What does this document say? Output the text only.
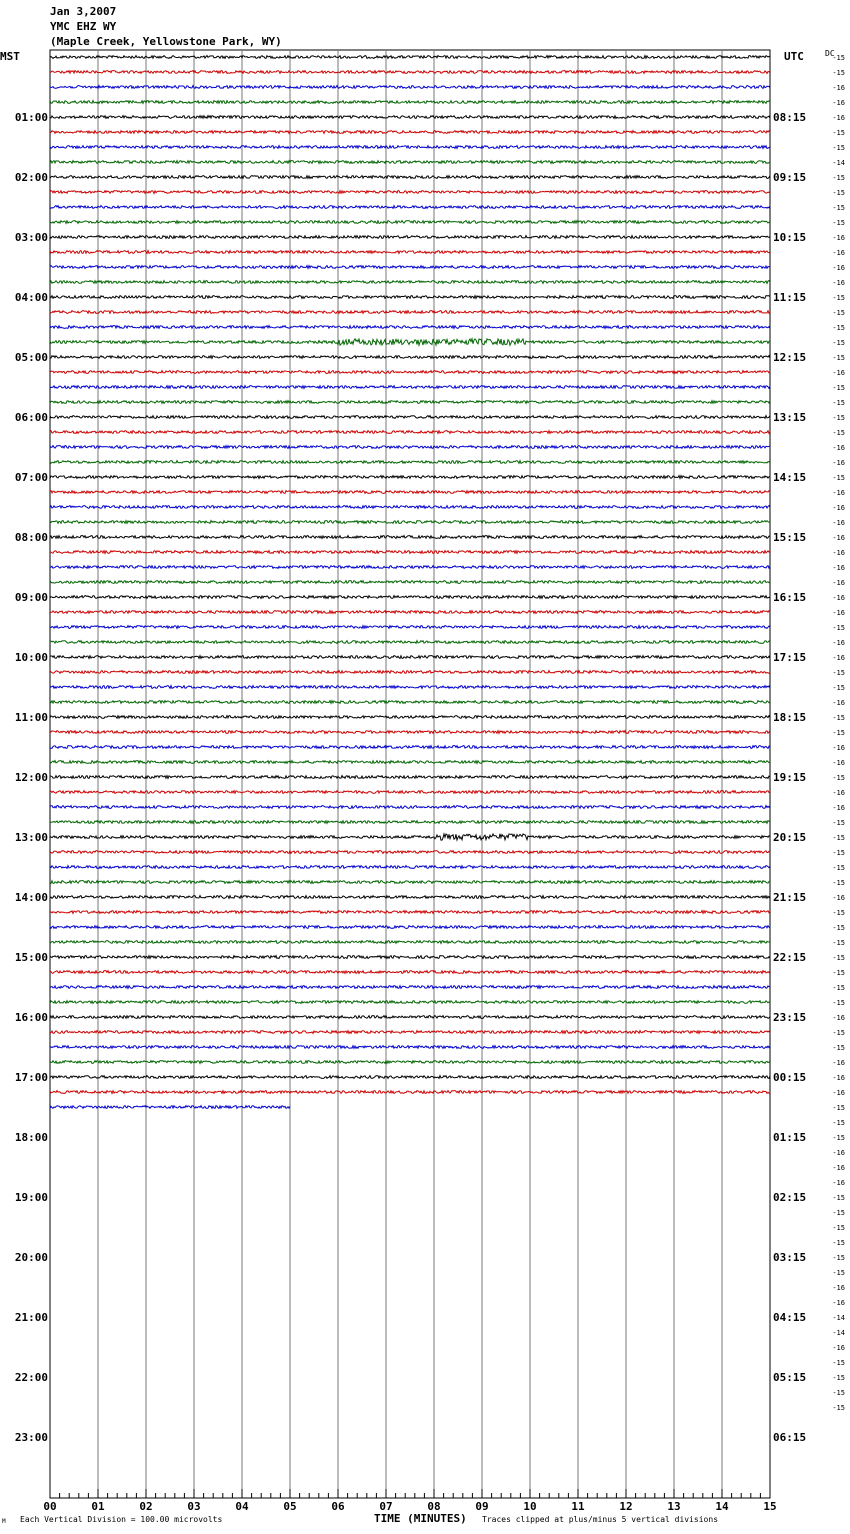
Jan 3,2007
YMC EHZ WY
(Maple Creek, Yellowstone Park, WY)
MST	UTC	DC
00	01	02	03	04	05	06	07	08	09	10	11	12	13	14	15
01:00
02:00
03:00
04:00
05:00
06:00
07:00
08:00
09:00
10:00
11:00
12:00
13:00
14:00
15:00
16:00
17:00
18:00
19:00
20:00
21:00
22:00
23:00
08:15
09:15
10:15
11:15
12:15
13:15
14:15
15:15
16:15
17:15
18:15
19:15
20:15
21:15
22:15
23:15
00:15
01:15
02:15
03:15
04:15
05:15
06:15
-15
-15
-16
-16
-16
-15
-15
-14
-15
-15
-15
-15
-16
-16
-16
-16
-15
-15
-15
-15
-15
-16
-15
-15
-15
-15
-16
-16
-15
-16
-16
-16
-16
-16
-16
-16
-16
-16
-15
-16
-16
-15
-15
-16
-15
-15
-16
-16
-15
-16
-16
-15
-15
-15
-15
-15
-16
-15
-15
-15
-15
-15
-15
-15
-16
-15
-15
-16
-16
-16
-15
-15
-15
-16
-16
-16
-15
-15
-15
-15
-15
-15
-16
-16
-14
-14
-16
-15
-15
-15
-15
M Each Vertical Division = 100.00 microvolts	TIME (MINUTES) Traces clipped at plus/minus 5 vertical divisions
